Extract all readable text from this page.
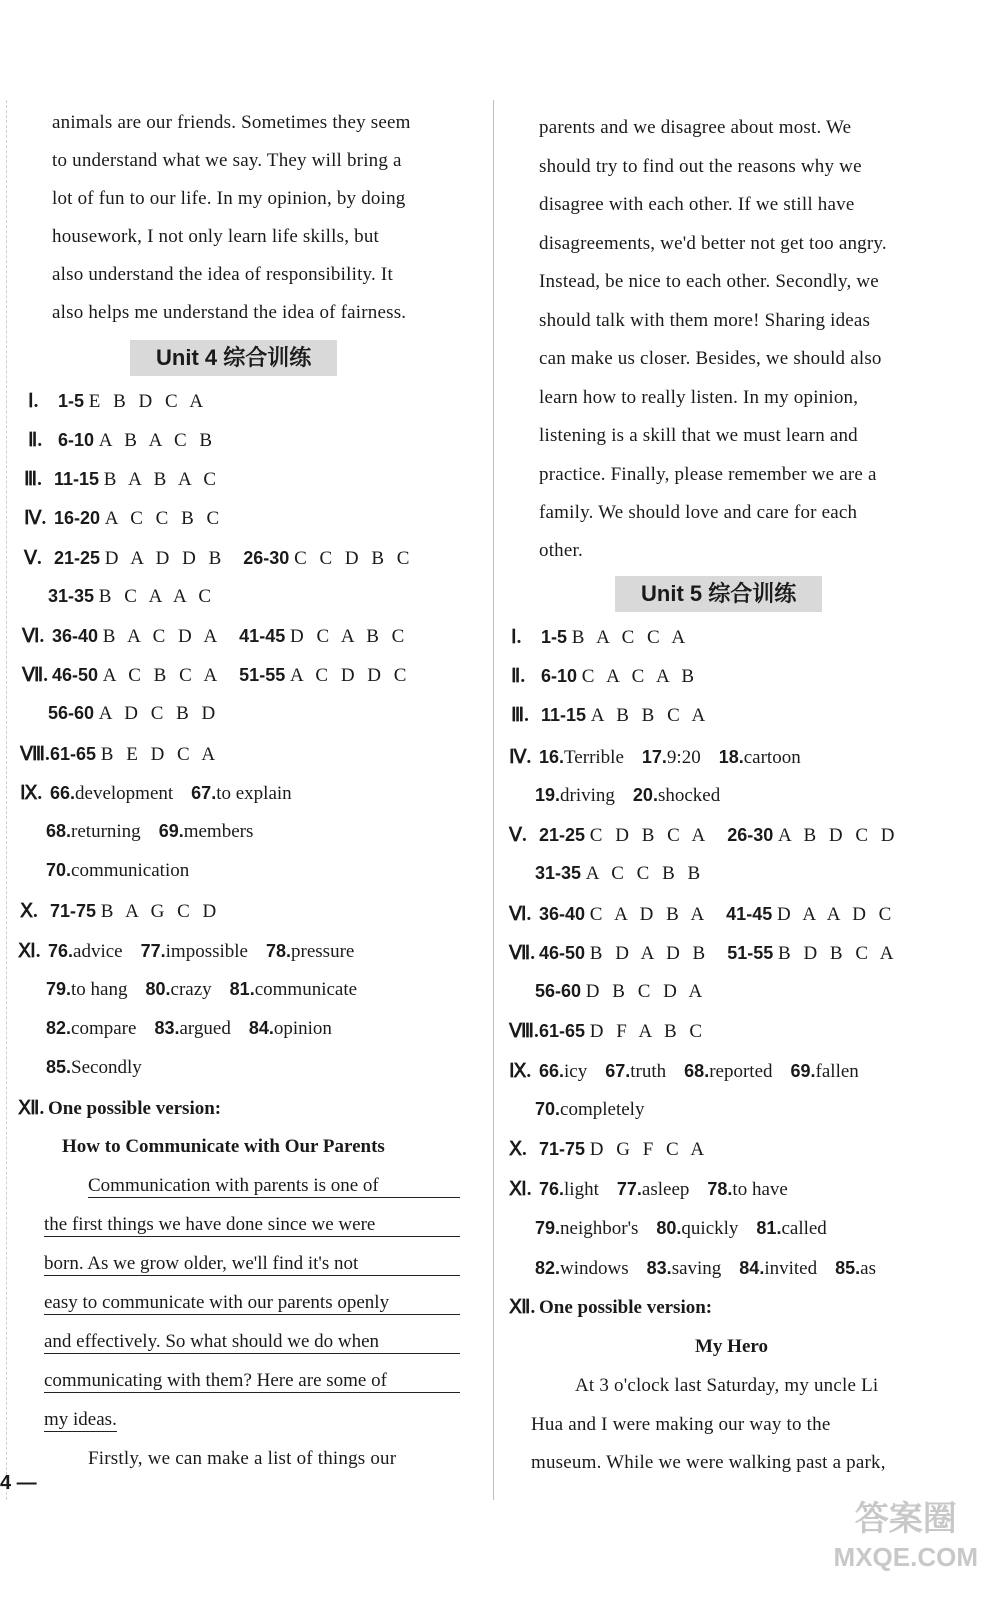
animals are our friends. Sometimes they seem
to understand what we say. They will bring a
lot of fun to our life. In my opinion, by doing
housework, I not only learn life skills, but
also understand the idea of responsibility. It
also helps me understand the idea of fairness.
Unit 4 综合训练
Ⅰ. 1-5 E B D C A
Ⅱ. 6-10 A B A C B
Ⅲ. 11-15 B A B A C
Ⅳ. 16-20 A C C B C
Ⅴ. 21-25 D A D D B 26-30 C C D B C
31-35 B C A A C
Ⅵ. 36-40 B A C D A 41-45 D C A B C
Ⅶ. 46-50 A C B C A 51-55 A C D D C
56-60 A D C B D
Ⅷ.61-65 B E D C A
Ⅸ. 66.development 67.to explain
68.returning 69.members
70.communication
Ⅹ. 71-75 B A G C D
Ⅺ. 76.advice 77.impossible 78.pressure
79.to hang 80.crazy 81.communicate
82.compare 83.argued 84.opinion
85.Secondly
Ⅻ. One possible version:
How to Communicate with Our Parents
Communication with parents is one of
the first things we have done since we were
born. As we grow older, we'll find it's not
easy to communicate with our parents openly
and effectively. So what should we do when
communicating with them? Here are some of
my ideas.
Firstly, we can make a list of things our
parents and we disagree about most. We
should try to find out the reasons why we
disagree with each other. If we still have
disagreements, we'd better not get too angry.
Instead, be nice to each other. Secondly, we
should talk with them more! Sharing ideas
can make us closer. Besides, we should also
learn how to really listen. In my opinion,
listening is a skill that we must learn and
practice. Finally, please remember we are a
family. We should love and care for each
other.
Unit 5 综合训练
Ⅰ. 1-5 B A C C A
Ⅱ. 6-10 C A C A B
Ⅲ. 11-15 A B B C A
Ⅳ. 16.Terrible 17.9:20 18.cartoon
19.driving 20.shocked
Ⅴ. 21-25 C D B C A 26-30 A B D C D
31-35 A C C B B
Ⅵ. 36-40 C A D B A 41-45 D A A D C
Ⅶ. 46-50 B D A D B 51-55 B D B C A
56-60 D B C D A
Ⅷ.61-65 D F A B C
Ⅸ. 66.icy 67.truth 68.reported 69.fallen
70.completely
Ⅹ. 71-75 D G F C A
Ⅺ. 76.light 77.asleep 78.to have
79.neighbor's 80.quickly 81.called
82.windows 83.saving 84.invited 85.as
Ⅻ. One possible version:
My Hero
At 3 o'clock last Saturday, my uncle Li
Hua and I were making our way to the
museum. While we were walking past a park,
4 —
答案圈
MXQE.COM
